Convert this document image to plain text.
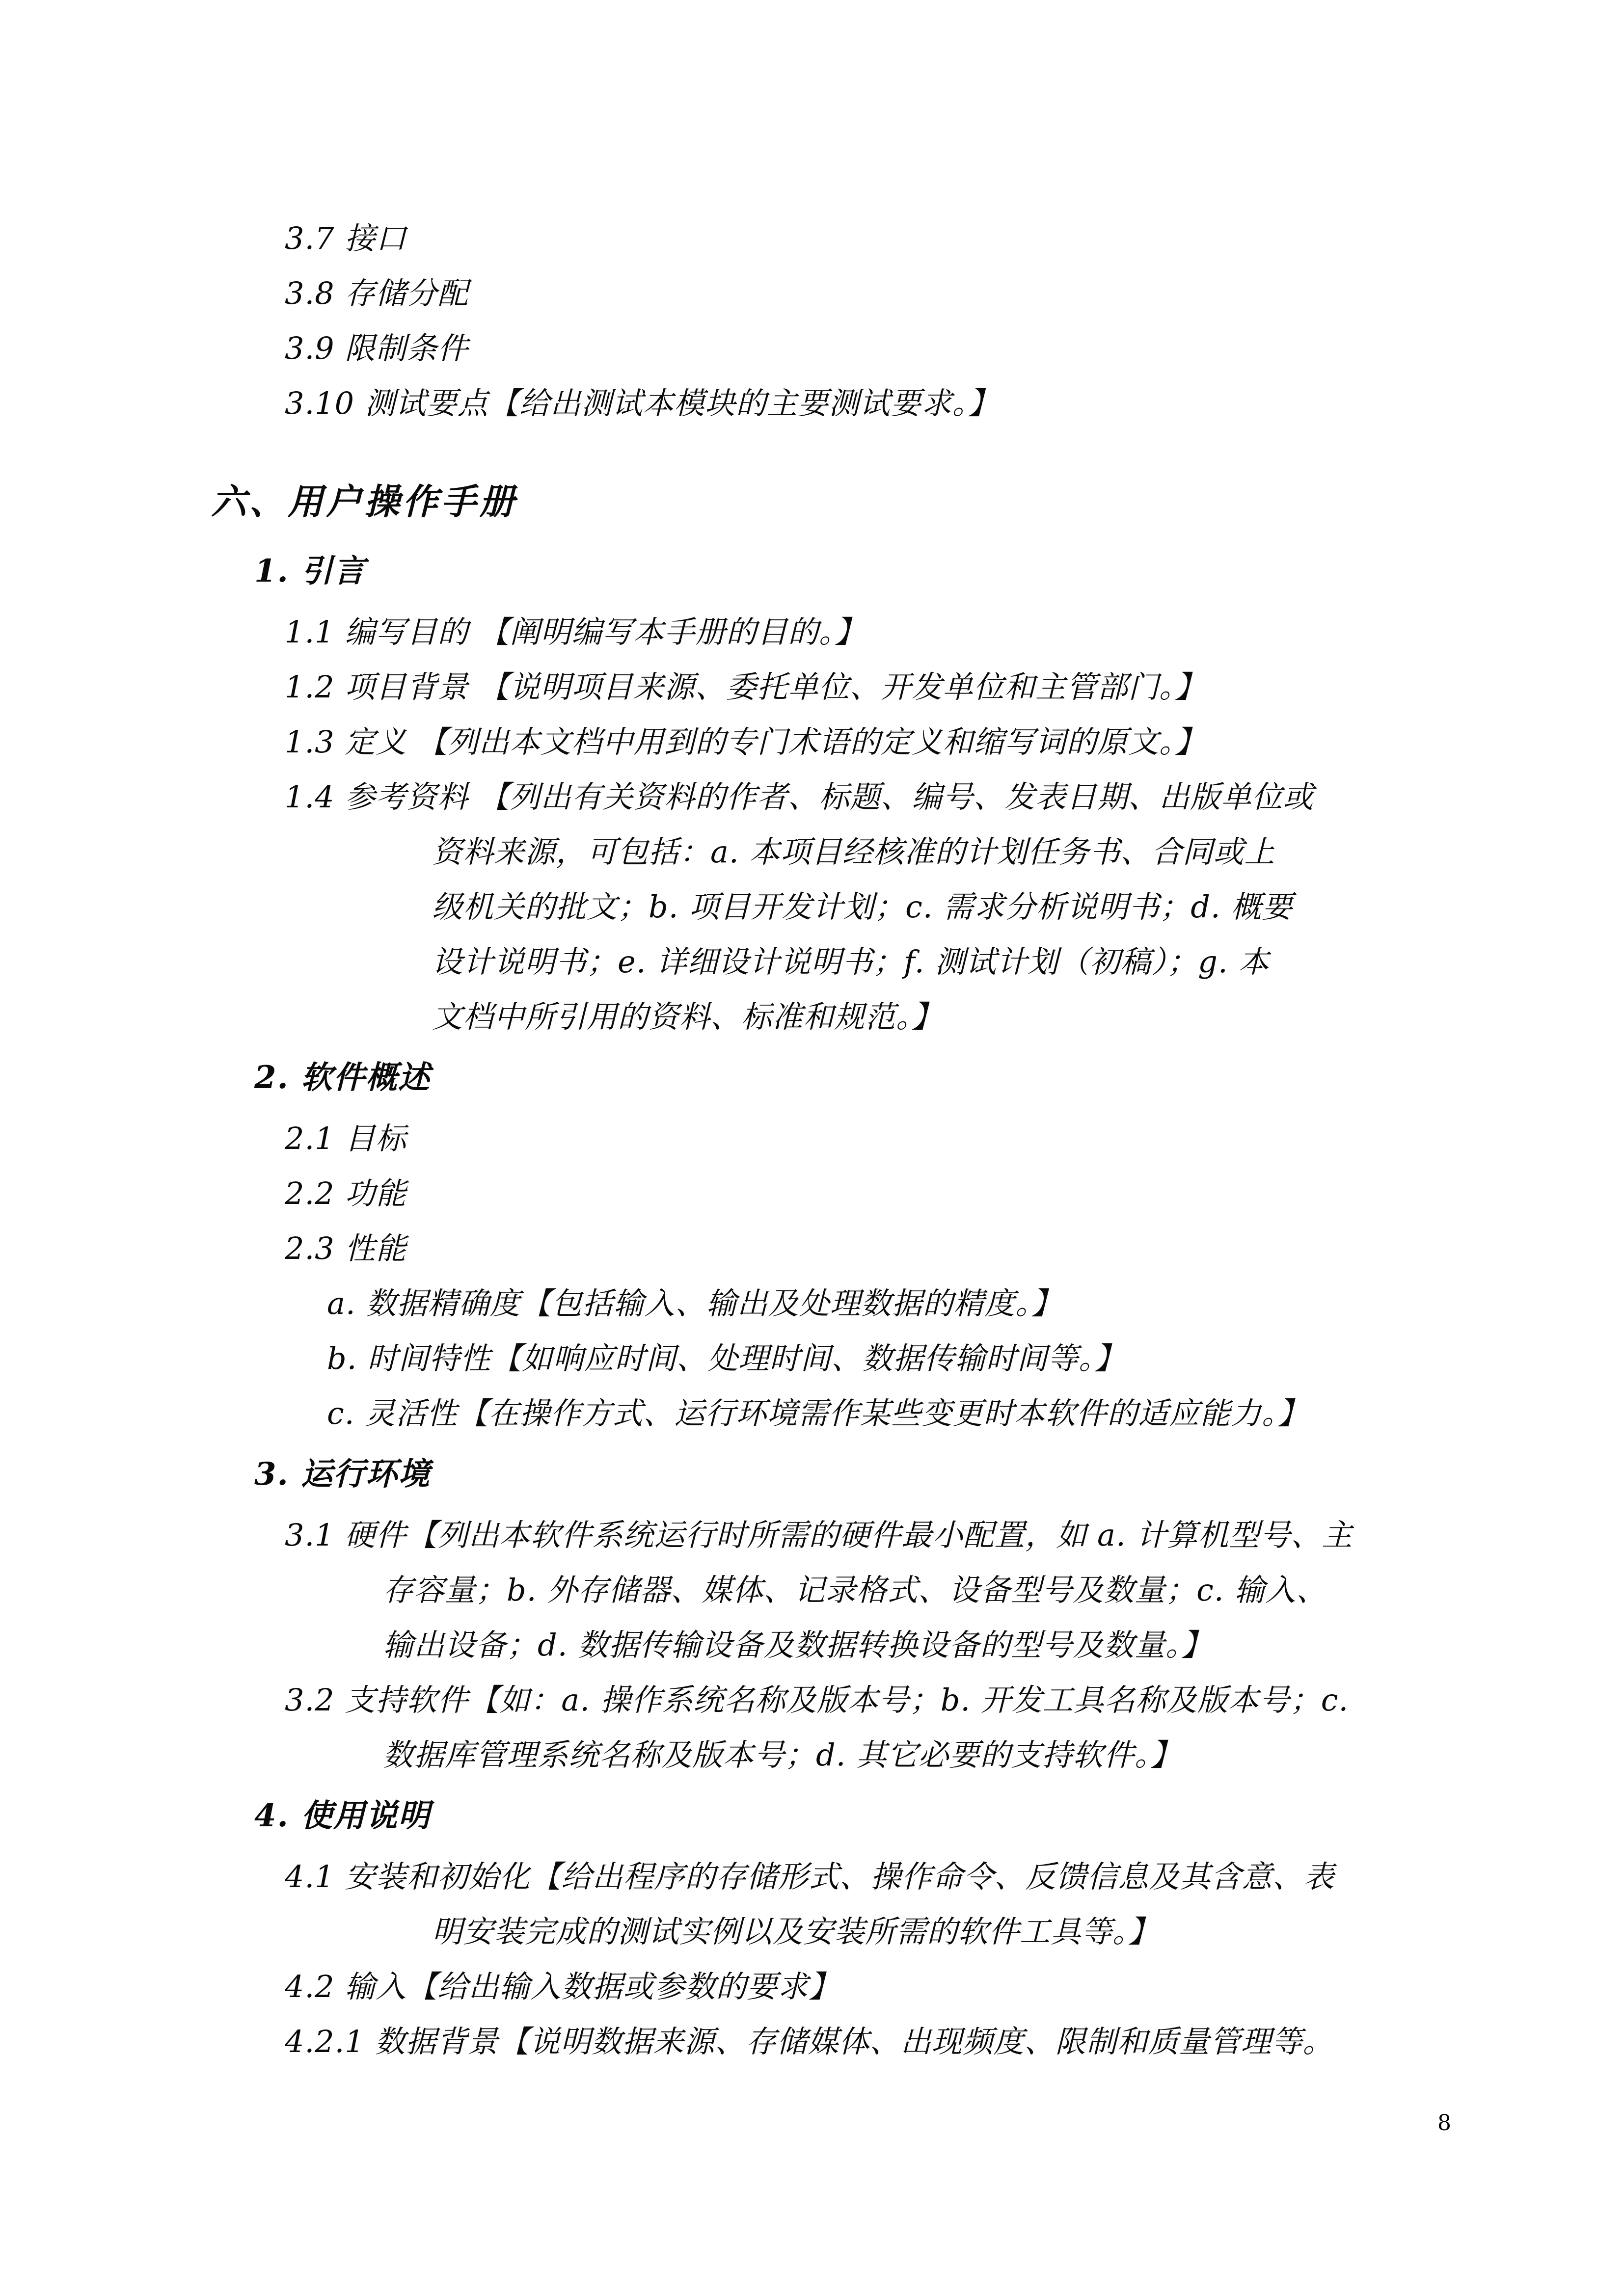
3.7 接口
3.8 存储分配
3.9 限制条件
3.10 测试要点【给出测试本模块的主要测试要求。】
六、用户操作手册
1. 引言
1.1 编写目的 【阐明编写本手册的目的。】
1.2 项目背景 【说明项目来源、委托单位、开发单位和主管部门。】
1.3 定义 【列出本文档中用到的专门术语的定义和缩写词的原文。】
1.4 参考资料 【列出有关资料的作者、标题、编号、发表日期、出版单位或
资料来源，可包括：a. 本项目经核准的计划任务书、合同或上
级机关的批文；b. 项目开发计划；c. 需求分析说明书；d. 概要
设计说明书；e. 详细设计说明书；f. 测试计划（初稿）；g. 本
文档中所引用的资料、标准和规范。】
2. 软件概述
2.1 目标
2.2 功能
2.3 性能
a. 数据精确度【包括输入、输出及处理数据的精度。】
b. 时间特性【如响应时间、处理时间、数据传输时间等。】
c. 灵活性【在操作方式、运行环境需作某些变更时本软件的适应能力。】
3. 运行环境
3.1 硬件【列出本软件系统运行时所需的硬件最小配置，如 a. 计算机型号、主
存容量；b. 外存储器、媒体、记录格式、设备型号及数量；c. 输入、
输出设备；d. 数据传输设备及数据转换设备的型号及数量。】
3.2 支持软件【如：a. 操作系统名称及版本号；b. 开发工具名称及版本号；c.
数据库管理系统名称及版本号；d. 其它必要的支持软件。】
4. 使用说明
4.1 安装和初始化【给出程序的存储形式、操作命令、反馈信息及其含意、表
明安装完成的测试实例以及安装所需的软件工具等。】
4.2 输入【给出输入数据或参数的要求】
4.2.1 数据背景【说明数据来源、存储媒体、出现频度、限制和质量管理等。
8
